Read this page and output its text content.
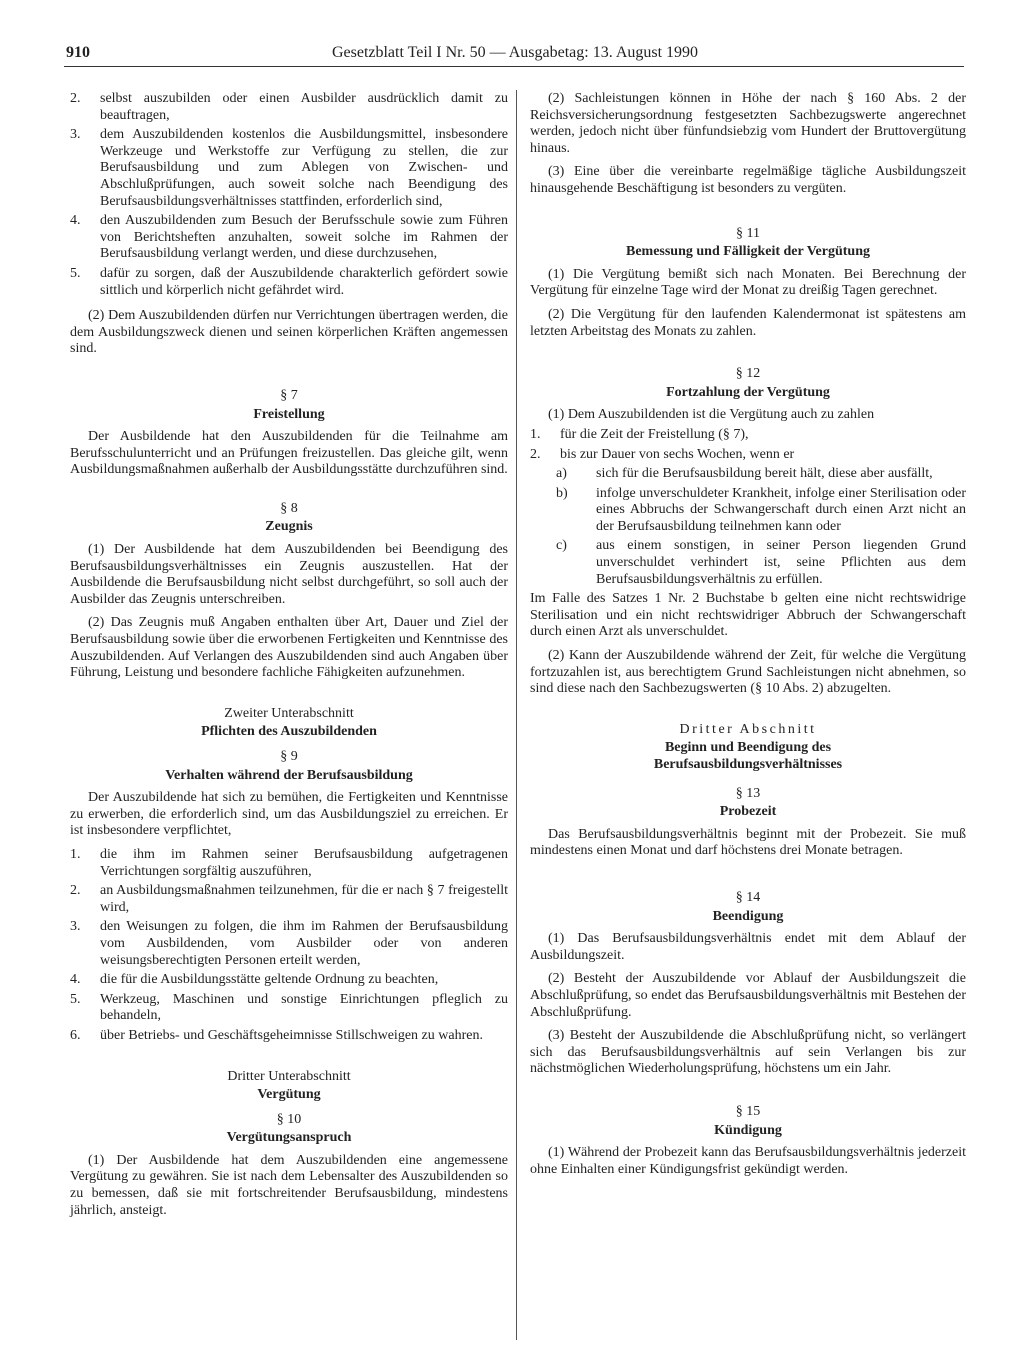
910	Gesetzblatt Teil I Nr. 50 — Ausgabetag: 13. August 1990
2.	selbst auszubilden oder einen Ausbilder ausdrücklich damit zu beauftragen,
3.	dem Auszubildenden kostenlos die Ausbildungsmittel, insbesondere Werkzeuge und Werkstoffe zur Verfügung zu stellen, die zur Berufsausbildung und zum Ablegen von Zwischen- und Abschlußprüfungen, auch soweit solche nach Beendigung des Berufsausbildungsverhältnisses stattfinden, erforderlich sind,
4.	den Auszubildenden zum Besuch der Berufsschule sowie zum Führen von Berichtsheften anzuhalten, soweit solche im Rahmen der Berufsausbildung verlangt werden, und diese durchzusehen,
5.	dafür zu sorgen, daß der Auszubildende charakterlich gefördert sowie sittlich und körperlich nicht gefährdet wird.

(2) Dem Auszubildenden dürfen nur Verrichtungen übertragen werden, die dem Ausbildungszweck dienen und seinen körperlichen Kräften angemessen sind.

§ 7
Freistellung

Der Ausbildende hat den Auszubildenden für die Teilnahme am Berufsschulunterricht und an Prüfungen freizustellen. Das gleiche gilt, wenn Ausbildungsmaßnahmen außerhalb der Ausbildungsstätte durchzuführen sind.

§ 8
Zeugnis

(1) Der Ausbildende hat dem Auszubildenden bei Beendigung des Berufsausbildungsverhältnisses ein Zeugnis auszustellen. Hat der Ausbildende die Berufsausbildung nicht selbst durchgeführt, so soll auch der Ausbilder das Zeugnis unterschreiben.

(2) Das Zeugnis muß Angaben enthalten über Art, Dauer und Ziel der Berufsausbildung sowie über die erworbenen Fertigkeiten und Kenntnisse des Auszubildenden. Auf Verlangen des Auszubildenden sind auch Angaben über Führung, Leistung und besondere fachliche Fähigkeiten aufzunehmen.

Zweiter Unterabschnitt
Pflichten des Auszubildenden
§ 9
Verhalten während der Berufsausbildung

Der Auszubildende hat sich zu bemühen, die Fertigkeiten und Kenntnisse zu erwerben, die erforderlich sind, um das Ausbildungsziel zu erreichen. Er ist insbesondere verpflichtet,

1.	die ihm im Rahmen seiner Berufsausbildung aufgetragenen Verrichtungen sorgfältig auszuführen,
2.	an Ausbildungsmaßnahmen teilzunehmen, für die er nach § 7 freigestellt wird,
3.	den Weisungen zu folgen, die ihm im Rahmen der Berufsausbildung vom Ausbildenden, vom Ausbilder oder von anderen weisungsberechtigten Personen erteilt werden,
4.	die für die Ausbildungsstätte geltende Ordnung zu beachten,
5.	Werkzeug, Maschinen und sonstige Einrichtungen pfleglich zu behandeln,
6.	über Betriebs- und Geschäftsgeheimnisse Stillschweigen zu wahren.
Dritter Unterabschnitt
Vergütung
§ 10
Vergütungsanspruch

(1) Der Ausbildende hat dem Auszubildenden eine angemessene Vergütung zu gewähren. Sie ist nach dem Lebensalter des Auszubildenden so zu bemessen, daß sie mit fortschreitender Berufsausbildung, mindestens jährlich, ansteigt.

(2) Sachleistungen können in Höhe der nach § 160 Abs. 2 der Reichsversicherungsordnung festgesetzten Sachbezugswerte angerechnet werden, jedoch nicht über fünfundsiebzig vom Hundert der Bruttovergütung hinaus.

(3) Eine über die vereinbarte regelmäßige tägliche Ausbildungszeit hinausgehende Beschäftigung ist besonders zu vergüten.

§ 11
Bemessung und Fälligkeit der Vergütung

(1) Die Vergütung bemißt sich nach Monaten. Bei Berechnung der Vergütung für einzelne Tage wird der Monat zu dreißig Tagen gerechnet.

(2) Die Vergütung für den laufenden Kalendermonat ist spätestens am letzten Arbeitstag des Monats zu zahlen.

§ 12
Fortzahlung der Vergütung

(1) Dem Auszubildenden ist die Vergütung auch zu zahlen

1.	für die Zeit der Freistellung (§ 7),
2.	bis zur Dauer von sechs Wochen, wenn er
a)	sich für die Berufsausbildung bereit hält, diese aber ausfällt,
b)	infolge unverschuldeter Krankheit, infolge einer Sterilisation oder eines Abbruchs der Schwangerschaft durch einen Arzt nicht an der Berufsausbildung teilnehmen kann oder
c)	aus einem sonstigen, in seiner Person liegenden Grund unverschuldet verhindert ist, seine Pflichten aus dem Berufsausbildungsverhältnis zu erfüllen.

Im Falle des Satzes 1 Nr. 2 Buchstabe b gelten eine nicht rechtswidrige Sterilisation und ein nicht rechtswidriger Abbruch der Schwangerschaft durch einen Arzt als unverschuldet.

(2) Kann der Auszubildende während der Zeit, für welche die Vergütung fortzuzahlen ist, aus berechtigtem Grund Sachleistungen nicht abnehmen, so sind diese nach den Sachbezugswerten (§ 10 Abs. 2) abzugelten.

Dritter Abschnitt
Beginn und Beendigung des
Berufsausbildungsverhältnisses
§ 13
Probezeit

Das Berufsausbildungsverhältnis beginnt mit der Probezeit. Sie muß mindestens einen Monat und darf höchstens drei Monate betragen.

§ 14
Beendigung

(1) Das Berufsausbildungsverhältnis endet mit dem Ablauf der Ausbildungszeit.

(2) Besteht der Auszubildende vor Ablauf der Ausbildungszeit die Abschlußprüfung, so endet das Berufsausbildungsverhältnis mit Bestehen der Abschlußprüfung.

(3) Besteht der Auszubildende die Abschlußprüfung nicht, so verlängert sich das Berufsausbildungsverhältnis auf sein Verlangen bis zur nächstmöglichen Wiederholungsprüfung, höchstens um ein Jahr.

§ 15
Kündigung

(1) Während der Probezeit kann das Berufsausbildungsverhältnis jederzeit ohne Einhalten einer Kündigungsfrist gekündigt werden.
